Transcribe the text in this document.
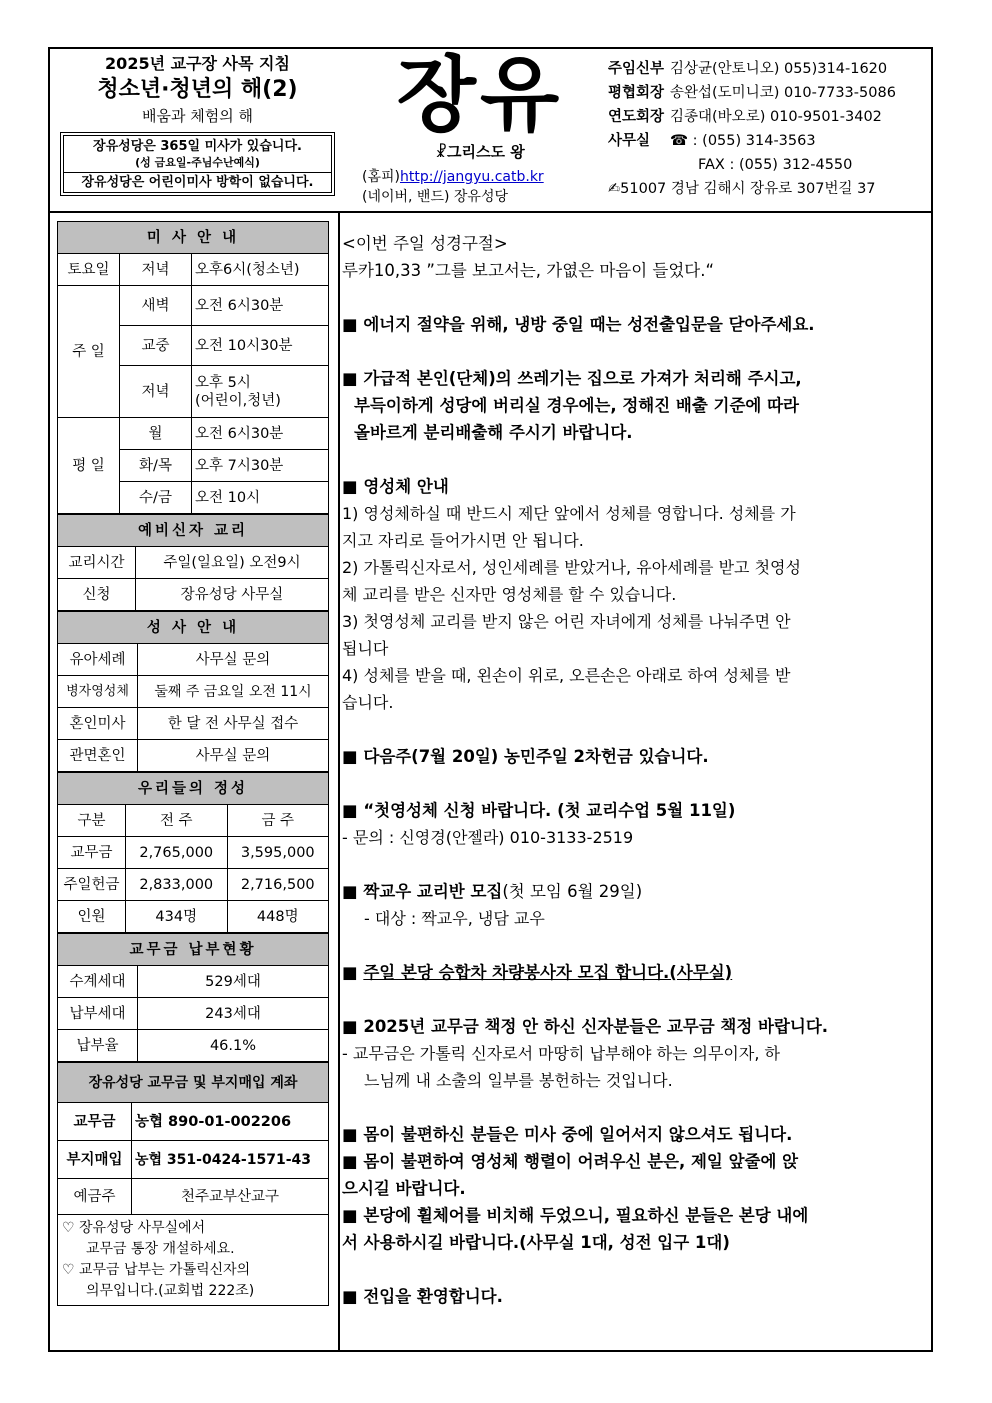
2025년 교구장 사목 지침
청소년·청년의 해(2)
배움과 체험의 해
장유성당은 365일 미사가 있습니다.
(성 금요일-주님수난예식)
장유성당은 어린이미사 방학이 없습니다.
장유
☧그리스도 왕
(홈피)http://jangyu.catb.kr
(네이버, 밴드) 장유성당
주임신부 김상균(안토니오) 055)314-1620
평협회장 송완섭(도미니코) 010-7733-5086
연도회장 김종대(바오로) 010-9501-3402
사무실 ☎ : (055) 314-3563
FAX : (055) 312-4550
✍51007 경남 김해시 장유로 307번길 37
미 사 안 내		
토요일	저녁	오후6시(청소년)
주 일	새벽	오전 6시30분
	교중	오전 10시30분
	저녁	오후 5시
(어린이,청년)

평 일	월	오전 6시30분
	화/목	오후 7시30분
	수/금	오전 10시
예비신자 교리	
교리시간	주일(일요일) 오전9시
신청	장유성당 사무실
성 사 안 내	
유아세례	사무실 문의
병자영성체	둘째 주 금요일 오전 11시
혼인미사	한 달 전 사무실 접수
관면혼인	사무실 문의
우리들의 정성		
구분	전 주	금 주
교무금	2,765,000	3,595,000
주일헌금	2,833,000	2,716,500
인원	434명	448명
교무금 납부현황	
수계세대	529세대
납부세대	243세대
납부율	46.1%
장유성당 교무금 및 부지매입 계좌	
교무금	농협 890-01-002206
부지매입	농협 351-0424-1571-43
예금주	천주교부산교구
♡ 장유성당 사무실에서
교무금 통장 개설하세요.
♡ 교무금 납부는 가톨릭신자의
의무입니다.(교회법 222조)

<이번 주일 성경구절>

루카10,33 ”그를 보고서는, 가엾은 마음이 들었다.“

■ 에너지 절약을 위해, 냉방 중일 때는 성전출입문을 닫아주세요.

■ 가급적 본인(단체)의 쓰레기는 집으로 가져가 처리해 주시고,

부득이하게 성당에 버리실 경우에는, 정해진 배출 기준에 따라

올바르게 분리배출해 주시기 바랍니다.

■ 영성체 안내

1) 영성체하실 때 반드시 제단 앞에서 성체를 영합니다. 성체를 가

지고 자리로 들어가시면 안 됩니다.

2) 가톨릭신자로서, 성인세례를 받았거나, 유아세례를 받고 첫영성

체 교리를 받은 신자만 영성체를 할 수 있습니다.

3) 첫영성체 교리를 받지 않은 어린 자녀에게 성체를 나눠주면 안

됩니다

4) 성체를 받을 때, 왼손이 위로, 오른손은 아래로 하여 성체를 받

습니다.

■ 다음주(7월 20일) 농민주일 2차헌금 있습니다.

■ “첫영성체 신청 바랍니다. (첫 교리수업 5월 11일)

- 문의 : 신영경(안젤라) 010-3133-2519

■ 짝교우 교리반 모집(첫 모임 6월 29일)

- 대상 : 짝교우, 냉담 교우

■ 주일 본당 승합차 차량봉사자 모집 합니다.(사무실)

■ 2025년 교무금 책정 안 하신 신자분들은 교무금 책정 바랍니다.

- 교무금은 가톨릭 신자로서 마땅히 납부해야 하는 의무이자, 하

느님께 내 소출의 일부를 봉헌하는 것입니다.

■ 몸이 불편하신 분들은 미사 중에 일어서지 않으셔도 됩니다.

■ 몸이 불편하여 영성체 행렬이 어려우신 분은, 제일 앞줄에 앉

으시길 바랍니다.

■ 본당에 휠체어를 비치해 두었으니, 필요하신 분들은 본당 내에

서 사용하시길 바랍니다.(사무실 1대, 성전 입구 1대)

■ 전입을 환영합니다.
